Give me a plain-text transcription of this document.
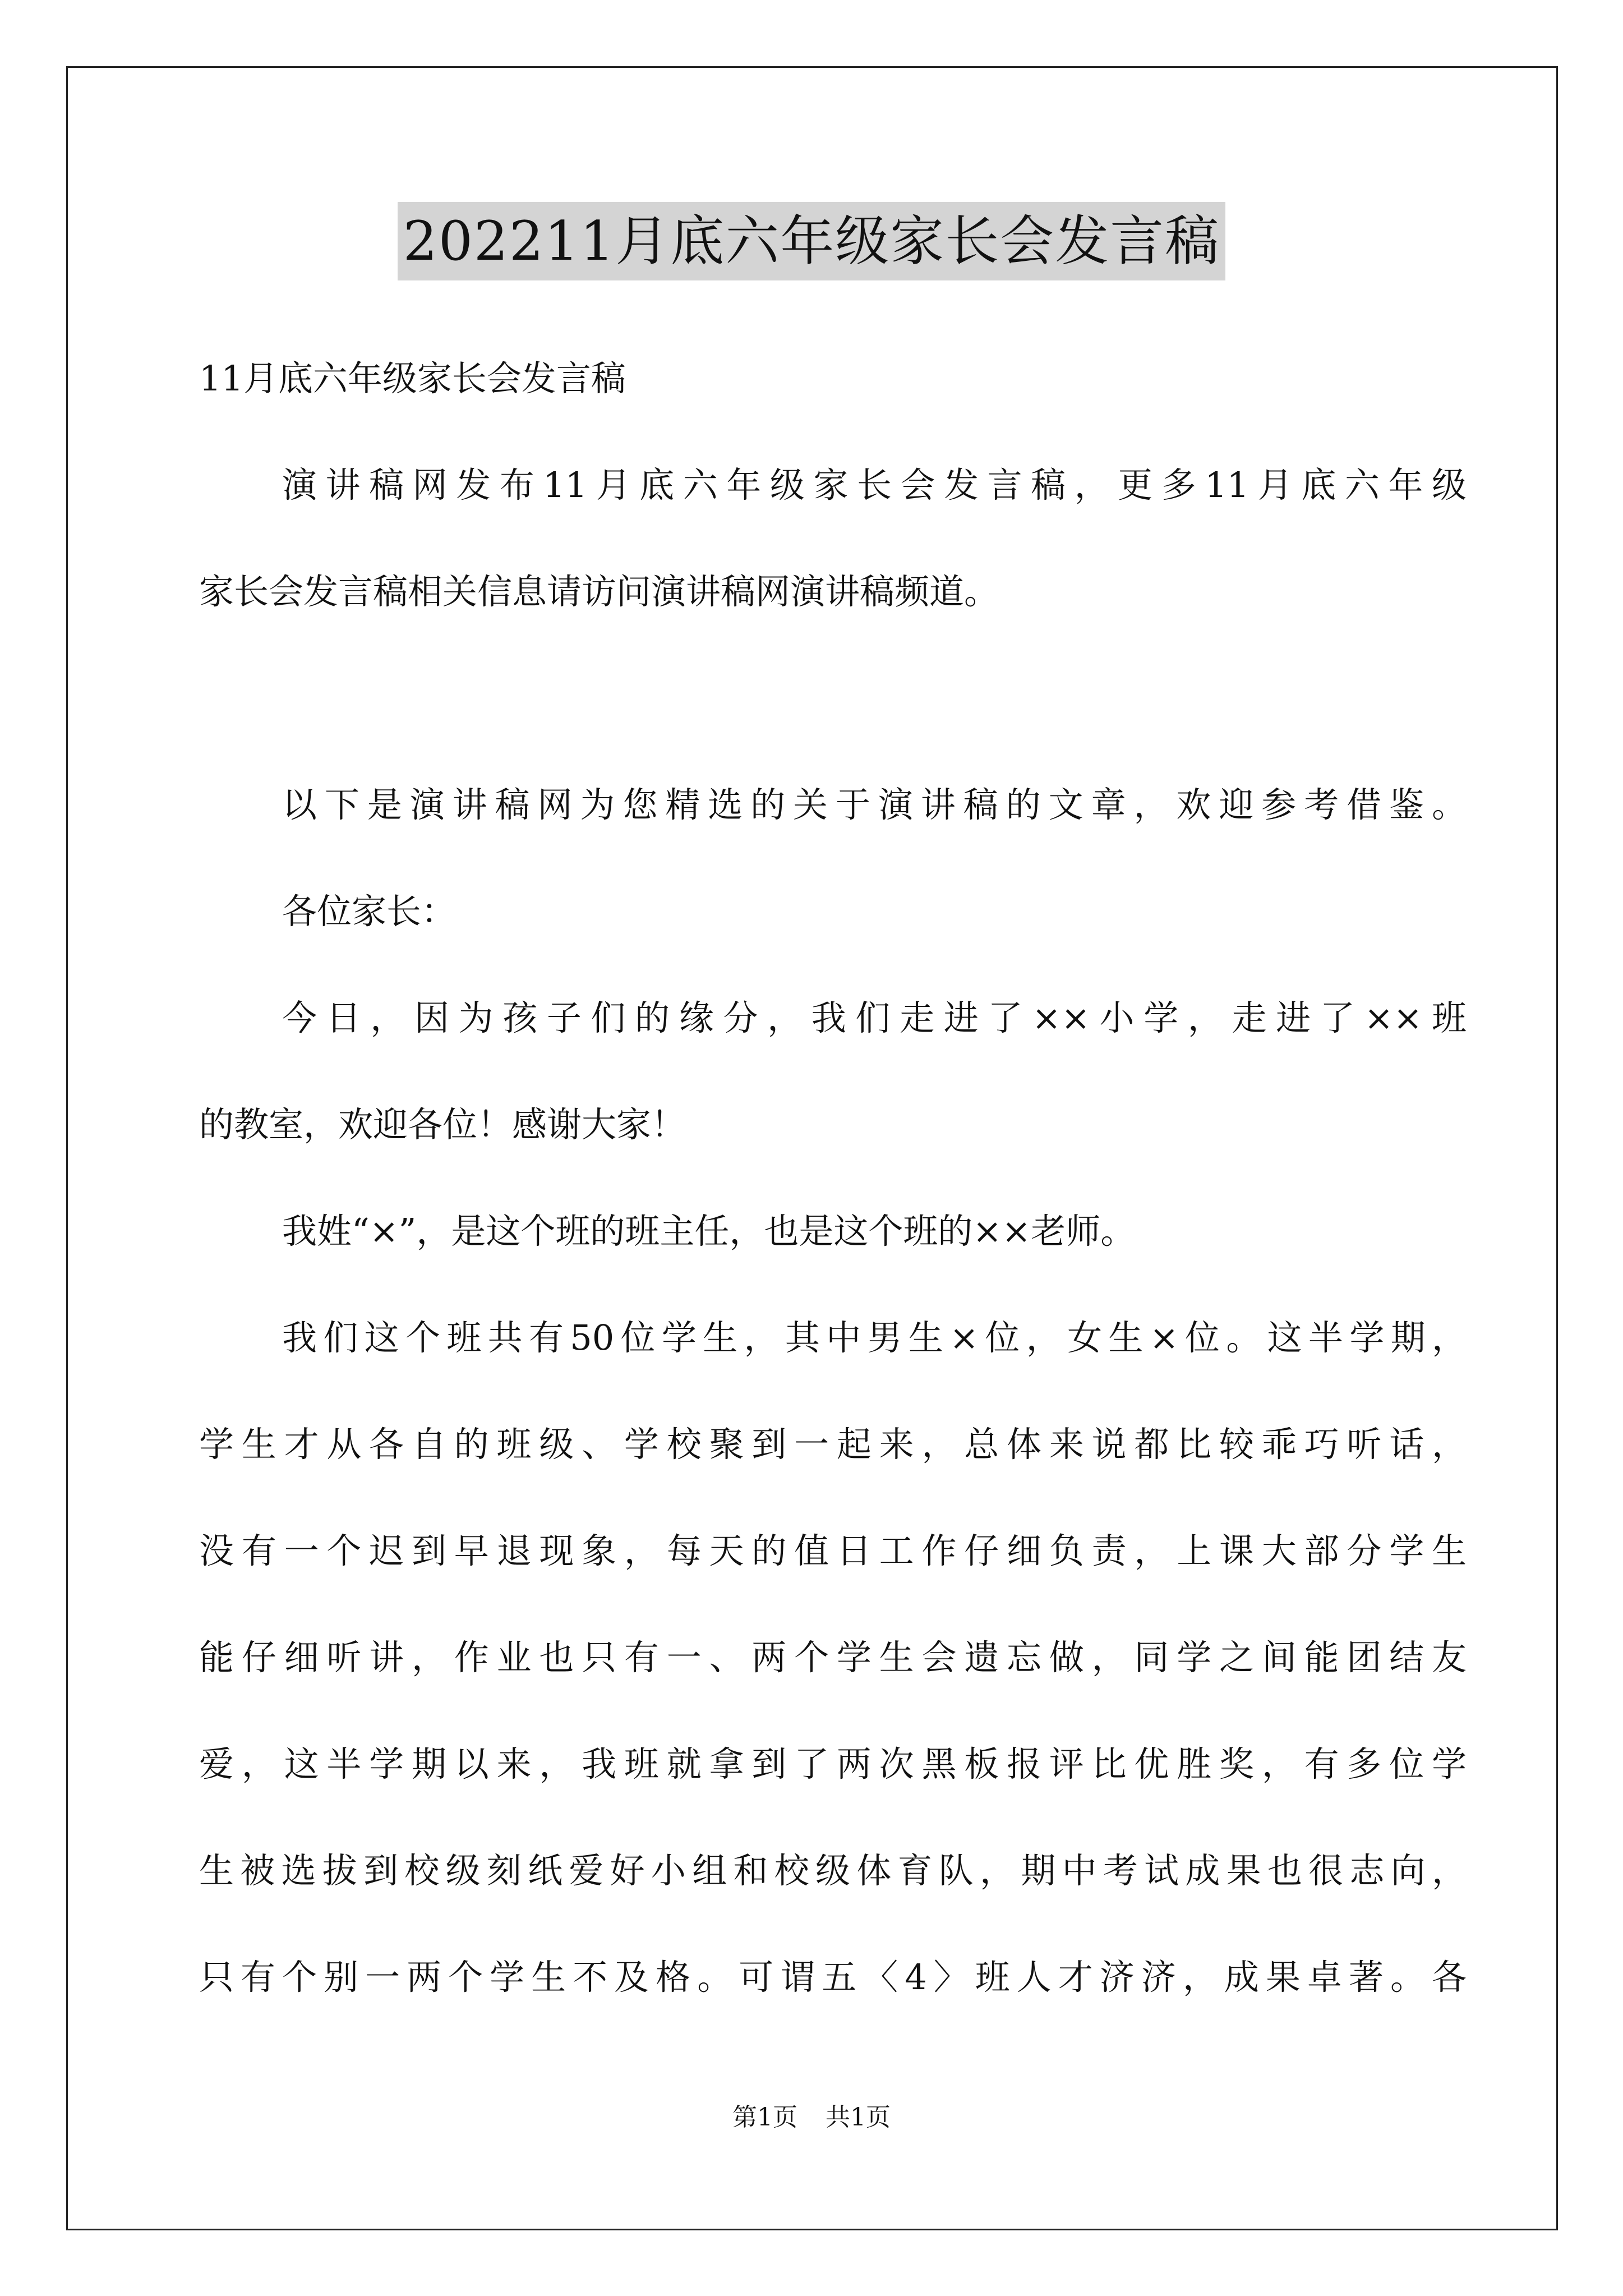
202211月底六年级家长会发言稿
11月底六年级家长会发言稿
演讲稿网发布11月底六年级家长会发言稿，更多11月底六年级
家长会发言稿相关信息请访问演讲稿网演讲稿频道。
以下是演讲稿网为您精选的关于演讲稿的文章，欢迎参考借鉴。
各位家长：
今日，因为孩子们的缘分，我们走进了××小学，走进了××班
的教室，欢迎各位！感谢大家！
我姓“×”，是这个班的班主任，也是这个班的××老师。
我们这个班共有50位学生，其中男生×位，女生×位。这半学期，
学生才从各自的班级、学校聚到一起来，总体来说都比较乖巧听话，
没有一个迟到早退现象，每天的值日工作仔细负责，上课大部分学生
能仔细听讲，作业也只有一、两个学生会遗忘做，同学之间能团结友
爱，这半学期以来，我班就拿到了两次黑板报评比优胜奖，有多位学
生被选拔到校级刻纸爱好小组和校级体育队，期中考试成果也很志向，
只有个别一两个学生不及格。可谓五〈4〉班人才济济，成果卓著。各
第1页 共1页
